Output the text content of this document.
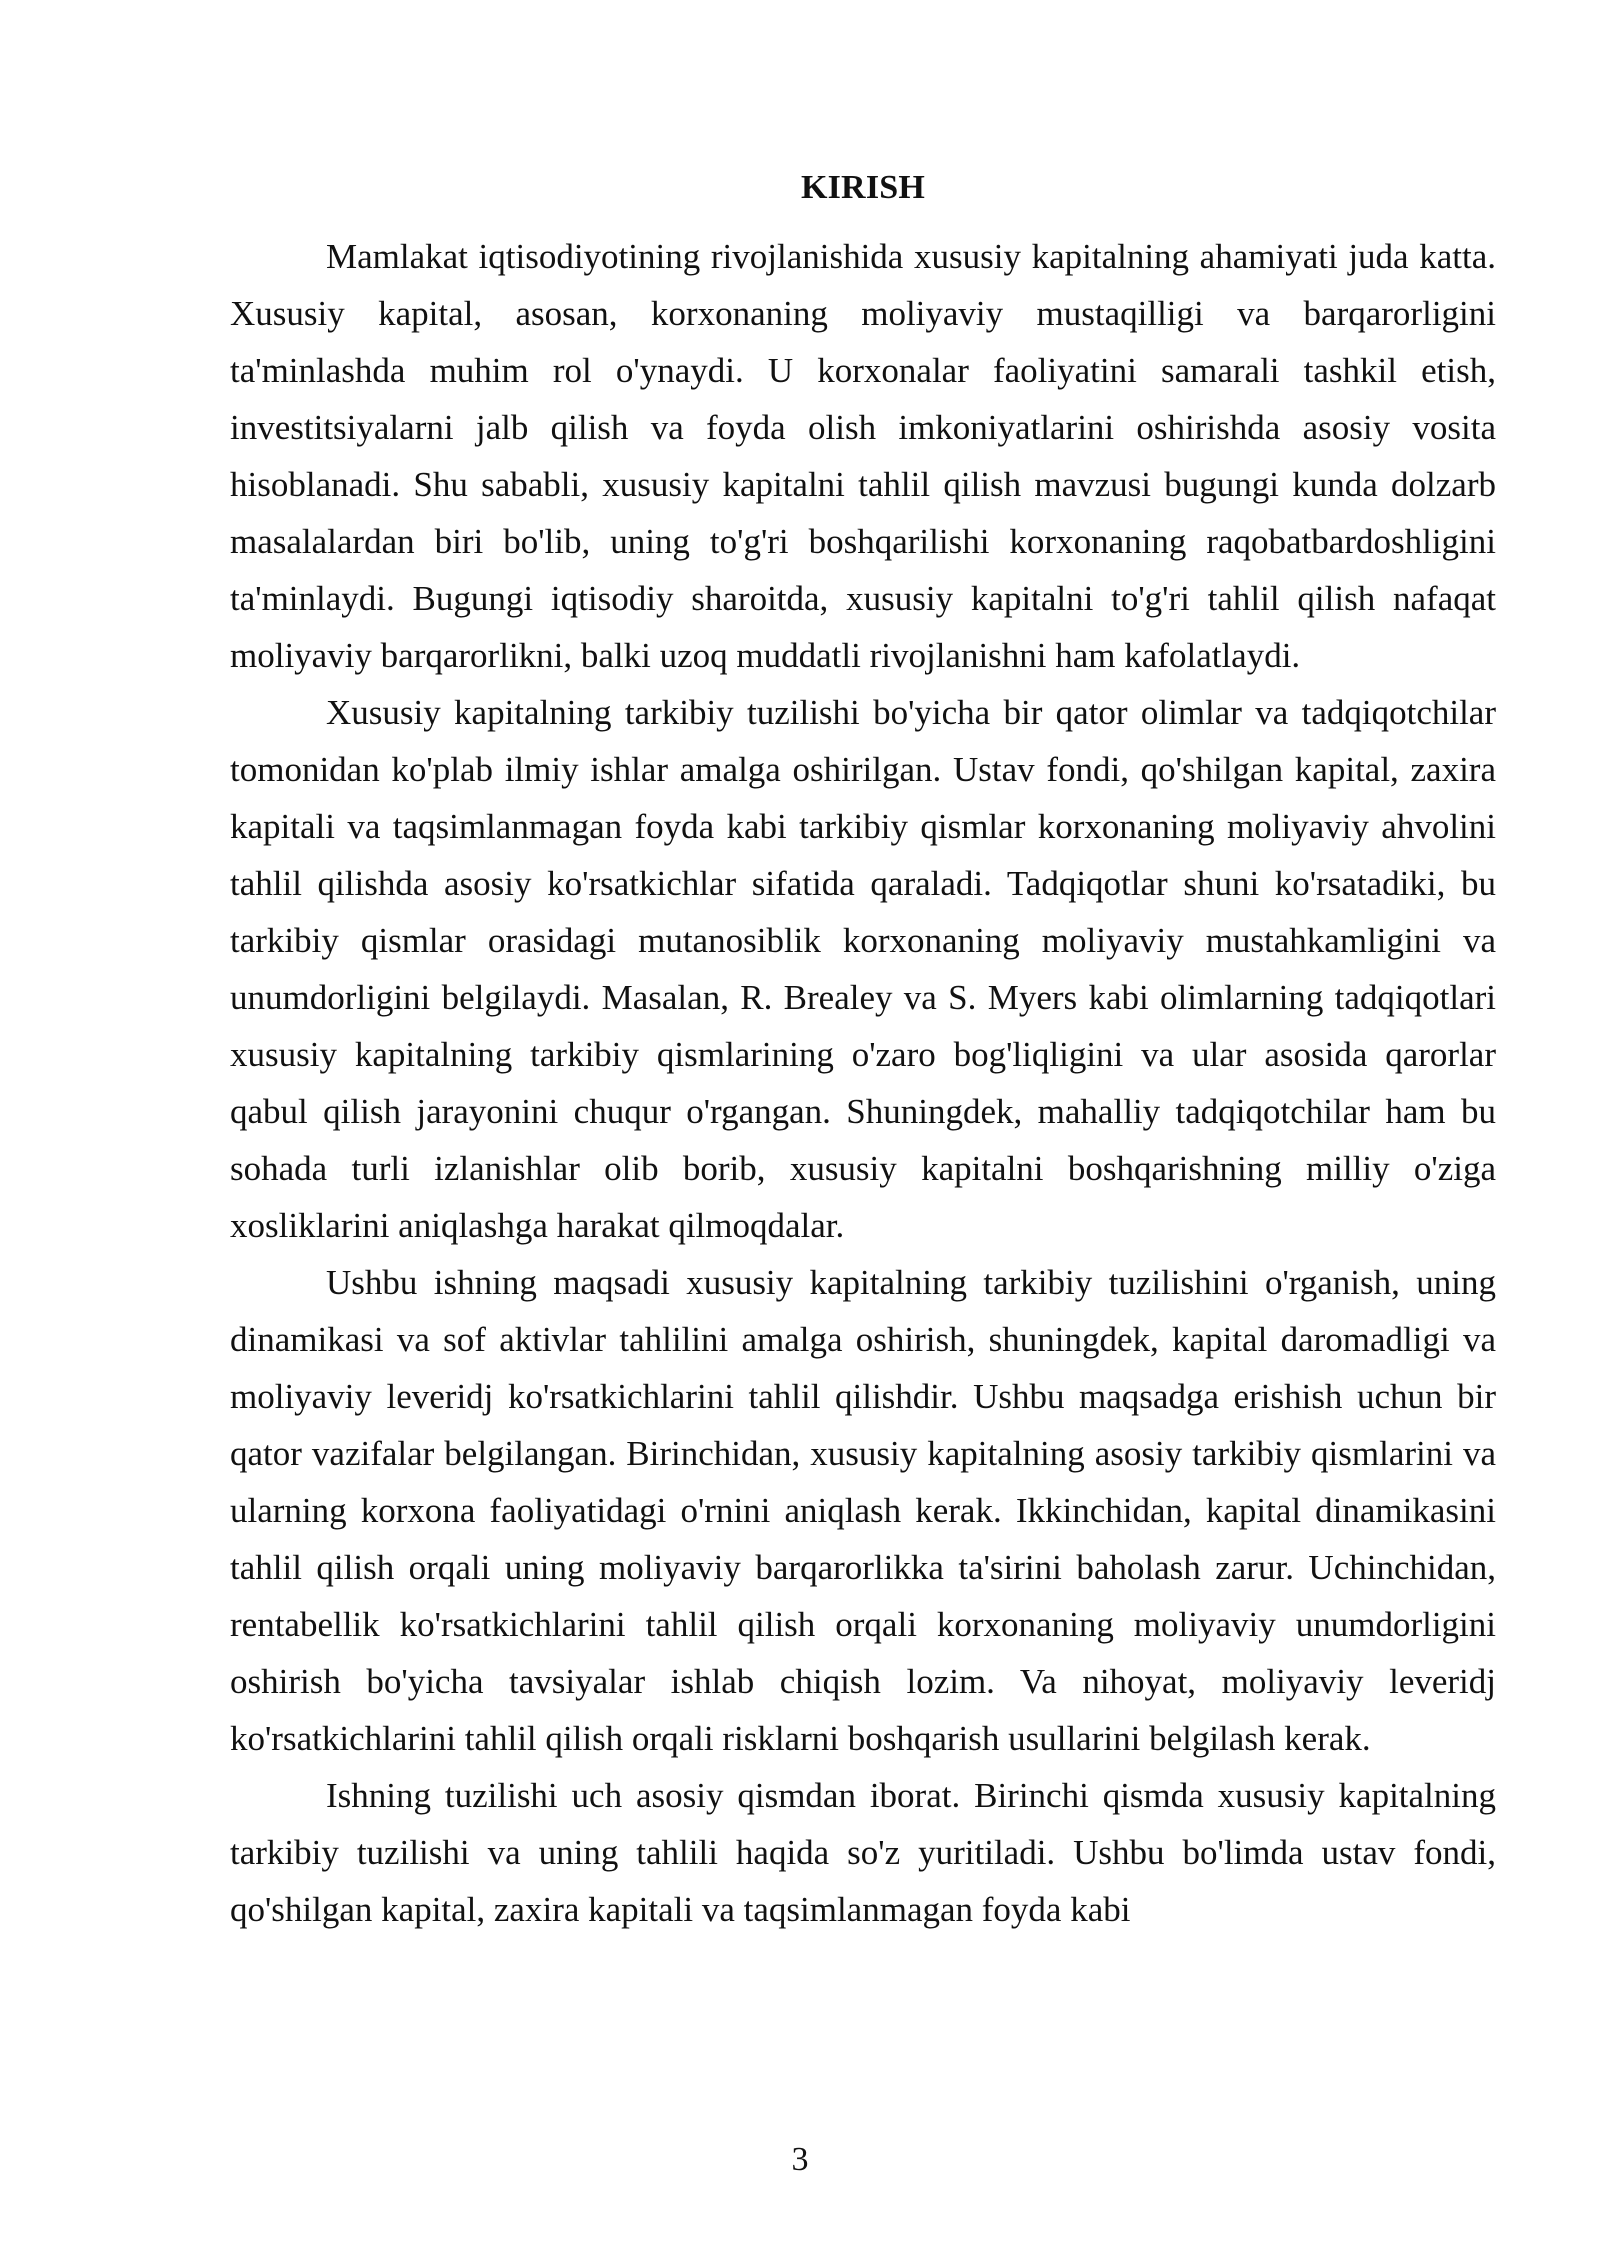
KIRISH

Mamlakat iqtisodiyotining rivojlanishida xususiy kapitalning ahamiyati juda katta. Xususiy kapital, asosan, korxonaning moliyaviy mustaqilligi va barqarorligini ta'minlashda muhim rol o'ynaydi. U korxonalar faoliyatini samarali tashkil etish, investitsiyalarni jalb qilish va foyda olish imkoniyatlarini oshirishda asosiy vosita hisoblanadi. Shu sababli, xususiy kapitalni tahlil qilish mavzusi bugungi kunda dolzarb masalalardan biri bo'lib, uning to'g'ri boshqarilishi korxonaning raqobatbardoshligini ta'minlaydi. Bugungi iqtisodiy sharoitda, xususiy kapitalni to'g'ri tahlil qilish nafaqat moliyaviy barqarorlikni, balki uzoq muddatli rivojlanishni ham kafolatlaydi.

Xususiy kapitalning tarkibiy tuzilishi bo'yicha bir qator olimlar va tadqiqotchilar tomonidan ko'plab ilmiy ishlar amalga oshirilgan. Ustav fondi, qo'shilgan kapital, zaxira kapitali va taqsimlanmagan foyda kabi tarkibiy qismlar korxonaning moliyaviy ahvolini tahlil qilishda asosiy ko'rsatkichlar sifatida qaraladi. Tadqiqotlar shuni ko'rsatadiki, bu tarkibiy qismlar orasidagi mutanosiblik korxonaning moliyaviy mustahkamligini va unumdorligini belgilaydi. Masalan, R. Brealey va S. Myers kabi olimlarning tadqiqotlari xususiy kapitalning tarkibiy qismlarining o'zaro bog'liqligini va ular asosida qarorlar qabul qilish jarayonini chuqur o'rgangan. Shuningdek, mahalliy tadqiqotchilar ham bu sohada turli izlanishlar olib borib, xususiy kapitalni boshqarishning milliy o'ziga xosliklarini aniqlashga harakat qilmoqdalar.

Ushbu ishning maqsadi xususiy kapitalning tarkibiy tuzilishini o'rganish, uning dinamikasi va sof aktivlar tahlilini amalga oshirish, shuningdek, kapital daromadligi va moliyaviy leveridj ko'rsatkichlarini tahlil qilishdir. Ushbu maqsadga erishish uchun bir qator vazifalar belgilangan. Birinchidan, xususiy kapitalning asosiy tarkibiy qismlarini va ularning korxona faoliyatidagi o'rnini aniqlash kerak. Ikkinchidan, kapital dinamikasini tahlil qilish orqali uning moliyaviy barqarorlikka ta'sirini baholash zarur. Uchinchidan, rentabellik ko'rsatkichlarini tahlil qilish orqali korxonaning moliyaviy unumdorligini oshirish bo'yicha tavsiyalar ishlab chiqish lozim. Va nihoyat, moliyaviy leveridj ko'rsatkichlarini tahlil qilish orqali risklarni boshqarish usullarini belgilash kerak.

Ishning tuzilishi uch asosiy qismdan iborat. Birinchi qismda xususiy kapitalning tarkibiy tuzilishi va uning tahlili haqida so'z yuritiladi. Ushbu bo'limda ustav fondi, qo'shilgan kapital, zaxira kapitali va taqsimlanmagan foyda kabi

3
